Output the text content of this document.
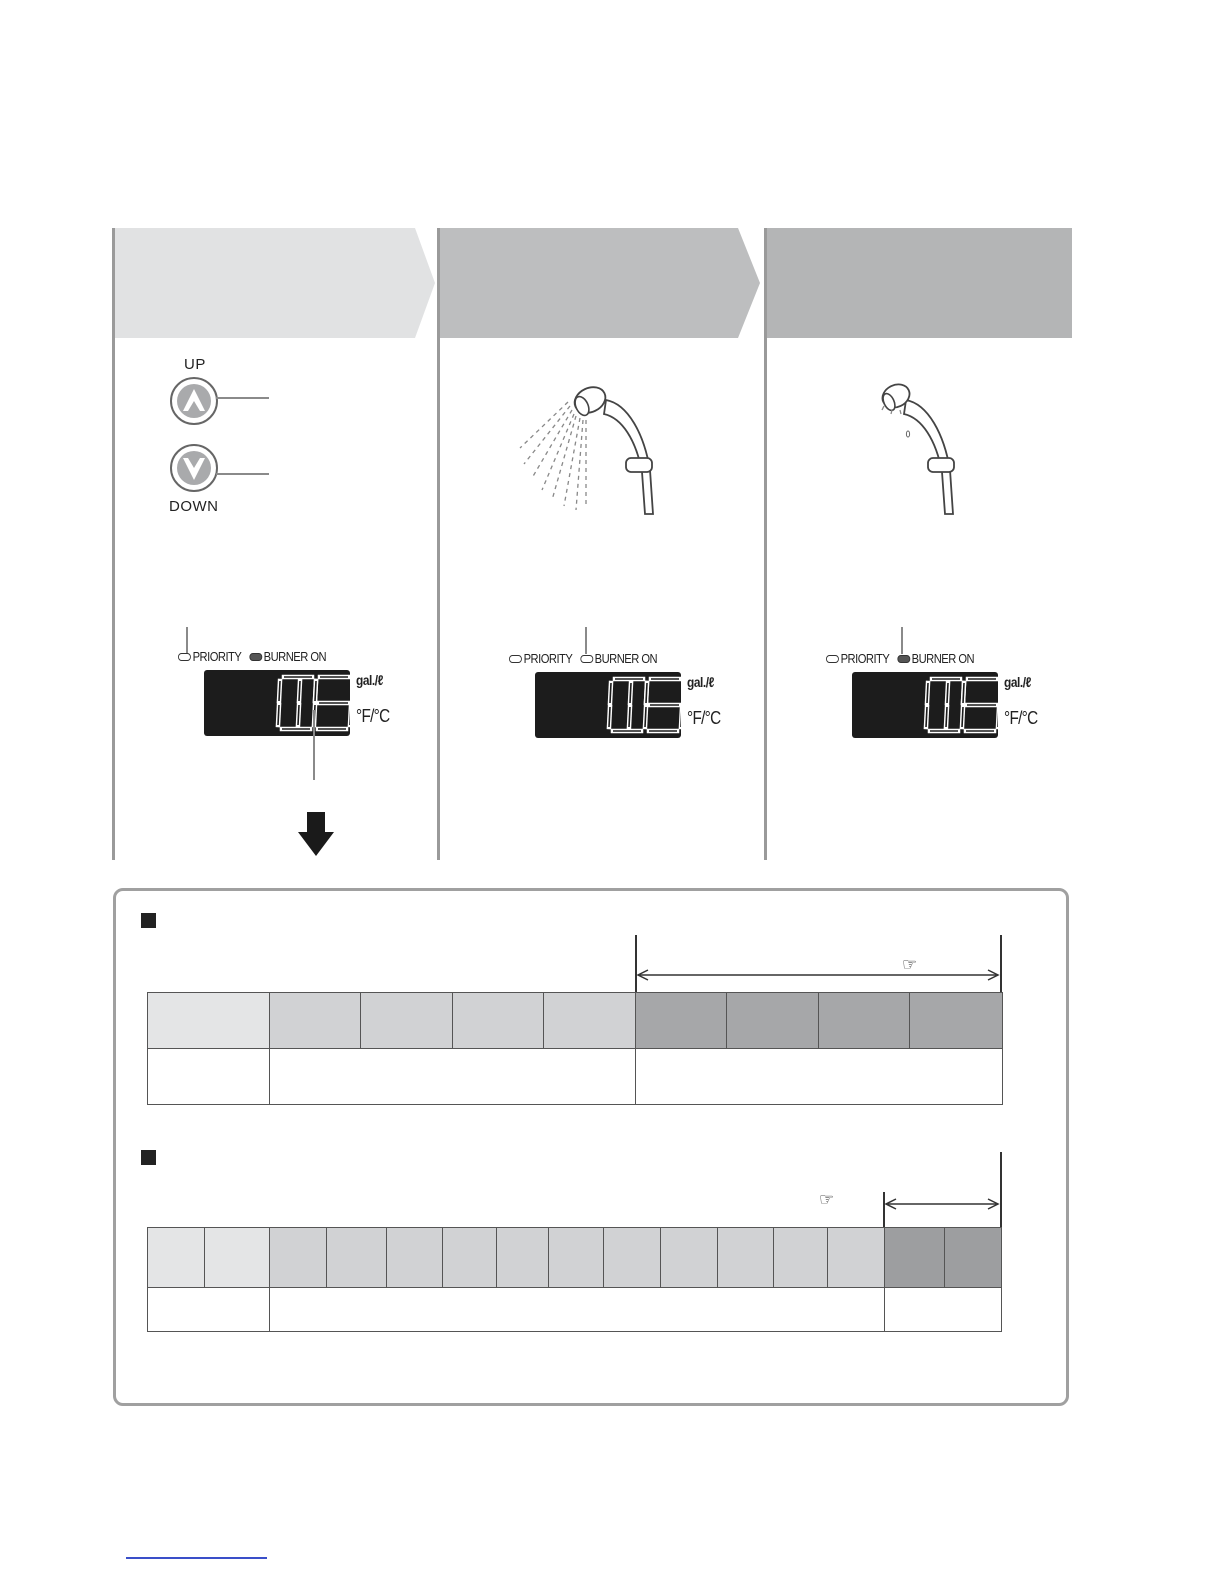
UP
DOWN
PRIORITY BURNER ON
gal./ℓ
°F/°C
PRIORITY BURNER ON
gal./ℓ
°F/°C
PRIORITY BURNER ON
gal./ℓ
°F/°C
☞

☞
